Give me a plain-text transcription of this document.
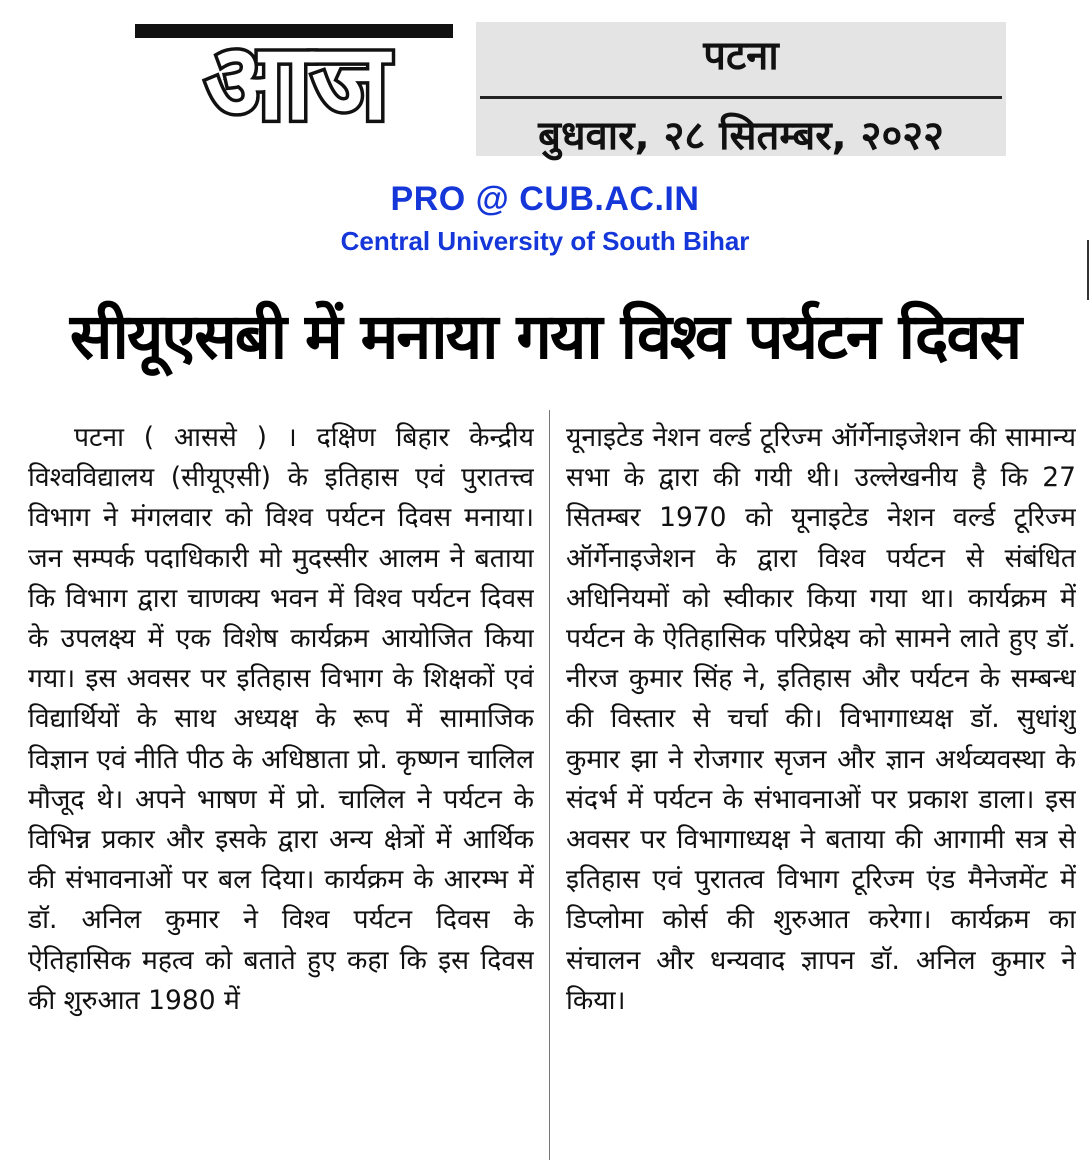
आज	पटना
बुधवार, २८ सितम्बर, २०२२
PRO @ CUB.AC.IN
Central University of South Bihar
सीयूएसबी में मनाया गया विश्व पर्यटन दिवस
पटना ( आससे ) । दक्षिण बिहार केन्द्रीय विश्वविद्यालय (सीयूएसी) के इतिहास एवं पुरातत्त्व विभाग ने मंगलवार को विश्व पर्यटन दिवस मनाया। जन सम्पर्क पदाधिकारी मो मुदस्सीर आलम ने बताया कि विभाग द्वारा चाणक्य भवन में विश्व पर्यटन दिवस के उपलक्ष्य में एक विशेष कार्यक्रम आयोजित किया गया। इस अवसर पर इतिहास विभाग के शिक्षकों एवं विद्यार्थियों के साथ अध्यक्ष के रूप में सामाजिक विज्ञान एवं नीति पीठ के अधिष्ठाता प्रो. कृष्णन चालिल मौजूद थे। अपने भाषण में प्रो. चालिल ने पर्यटन के विभिन्न प्रकार और इसके द्वारा अन्य क्षेत्रों में आर्थिक की संभावनाओं पर बल दिया। कार्यक्रम के आरम्भ में डॉ. अनिल कुमार ने विश्व पर्यटन दिवस के ऐतिहासिक महत्व को बताते हुए कहा कि इस दिवस की शुरुआत 1980 में
यूनाइटेड नेशन वर्ल्ड टूरिज्म ऑर्गेनाइजेशन की सामान्य सभा के द्वारा की गयी थी। उल्लेखनीय है कि 27 सितम्बर 1970 को यूनाइटेड नेशन वर्ल्ड टूरिज्म ऑर्गेनाइजेशन के द्वारा विश्व पर्यटन से संबंधित अधिनियमों को स्वीकार किया गया था। कार्यक्रम में पर्यटन के ऐतिहासिक परिप्रेक्ष्य को सामने लाते हुए डॉ. नीरज कुमार सिंह ने, इतिहास और पर्यटन के सम्बन्ध की विस्तार से चर्चा की। विभागाध्यक्ष डॉ. सुधांशु कुमार झा ने रोजगार सृजन और ज्ञान अर्थव्यवस्था के संदर्भ में पर्यटन के संभावनाओं पर प्रकाश डाला। इस अवसर पर विभागाध्यक्ष ने बताया की आगामी सत्र से इतिहास एवं पुरातत्व विभाग टूरिज्म एंड मैनेजमेंट में डिप्लोमा कोर्स की शुरुआत करेगा। कार्यक्रम का संचालन और धन्यवाद ज्ञापन डॉ. अनिल कुमार ने किया।
